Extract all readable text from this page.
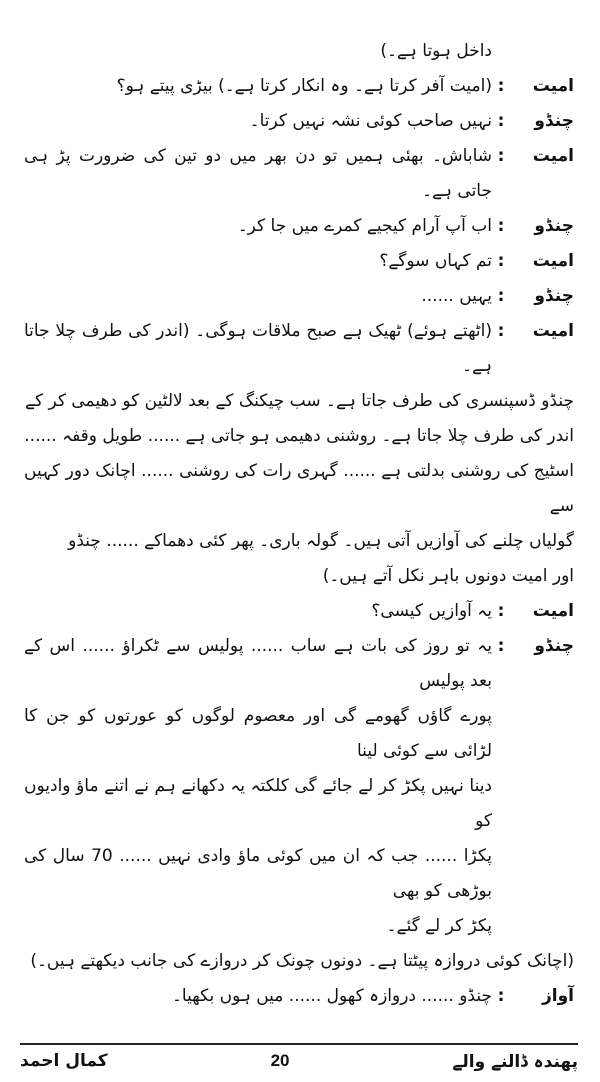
داخل ہوتا ہے۔)
امیت
:
(امیت آفر کرتا ہے۔ وہ انکار کرتا ہے۔) بیڑی پیتے ہو؟
چنڈو
:
نہیں صاحب کوئی نشہ نہیں کرتا۔
امیت
:
شاباش۔ بھئی ہمیں تو دن بھر میں دو تین کی ضرورت پڑ ہی جاتی ہے۔
چنڈو
:
اب آپ آرام کیجیے کمرے میں جا کر۔
امیت
:
تم کہاں سوگے؟
چنڈو
:
یہیں ......
امیت
:
(اٹھتے ہوئے) ٹھیک ہے صبح ملاقات ہوگی۔ (اندر کی طرف چلا جاتا ہے۔
چنڈو ڈسپنسری کی طرف جاتا ہے۔ سب چیکنگ کے بعد لالٹین کو دھیمی کر کے
اندر کی طرف چلا جاتا ہے۔ روشنی دھیمی ہو جاتی ہے ...... طویل وقفہ ......
اسٹیج کی روشنی بدلتی ہے ...... گہری رات کی روشنی ...... اچانک دور کہیں سے
گولیاں چلنے کی آوازیں آتی ہیں۔ گولہ باری۔ پھر کئی دھماکے ...... چنڈو
اور امیت دونوں باہر نکل آتے ہیں۔)
امیت
:
یہ آوازیں کیسی؟
چنڈو
:
یہ تو روز کی بات ہے ساب ...... پولیس سے ٹکراؤ ...... اس کے بعد پولیس
پورے گاؤں گھومے گی اور معصوم لوگوں کو عورتوں کو جن کا لڑائی سے کوئی لینا
دینا نہیں پکڑ کر لے جائے گی کلکتہ یہ دکھانے ہم نے اتنے ماؤ وادیوں کو
پکڑا ...... جب کہ ان میں کوئی ماؤ وادی نہیں ...... 70 سال کی بوڑھی کو بھی
پکڑ کر لے گئے۔
(اچانک کوئی دروازہ پیٹتا ہے۔ دونوں چونک کر دروازے کی جانب دیکھتے ہیں۔)
آواز
:
چنڈو ...... دروازہ کھول ...... میں ہوں بکھیا۔
پھندہ ڈالنے والے
20
کمال احمد
